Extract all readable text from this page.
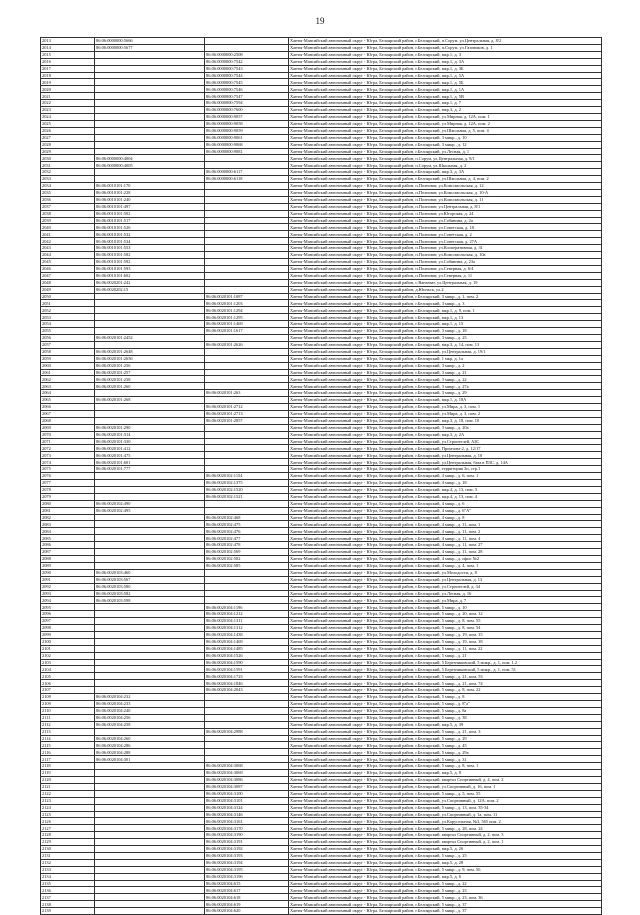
19
2013	86:06:0000000:5666		Ханты-Мансийский автономный округ - Югра, Белоярский район, г.Белоярский, п.Сорум, ул.Центральная, д. 8/2
2014	86:06:0000000:5677		Ханты-Мансийский автономный округ - Югра, Белоярский район, г.Белоярский, п.Сорум, ул.Газовиков, д. 1
2015		86:06:0000000:2508	Ханты-Мансийский автономный округ - Югра, Белоярский район, г.Белоярский, мкр.1, д. 3
2016		86:06:0000000:7542	Ханты-Мансийский автономный округ - Югра, Белоярский район, г.Белоярский, мкр.1, д. 3А
2017		86:06:0000000:7543	Ханты-Мансийский автономный округ - Югра, Белоярский район, г.Белоярский, мкр.1, д. 3Б
2018		86:06:0000000:7544	Ханты-Мансийский автономный округ - Югра, Белоярский район, г.Белоярский, мкр.1, д. 5А
2019		86:06:0000000:7545	Ханты-Мансийский автономный округ - Югра, Белоярский район, г.Белоярский, мкр.1, д. 5Б
2020		86:06:0000000:7546	Ханты-Мансийский автономный округ - Югра, Белоярский район, г.Белоярский, мкр.1, д. 1А
2021		86:06:0000000:7547	Ханты-Мансийский автономный округ - Югра, Белоярский район, г.Белоярский, мкр.1, д. 5В
2022		86:06:0000000:7594	Ханты-Мансийский автономный округ - Югра, Белоярский район, г.Белоярский, мкр.1, д. 7
2023		86:06:0000000:7600	Ханты-Мансийский автономный округ - Югра, Белоярский район, г.Белоярский, мкр.3, д. 2
2024		86:06:0000000:9057	Ханты-Мансийский автономный округ - Югра, Белоярский район, г.Белоярский, ул.Мирная, д. 12А, пом. 1
2025		86:06:0000000:9058	Ханты-Мансийский автономный округ - Югра, Белоярский район, г.Белоярский, ул.Мирная, д. 12А, пом. 2
2026		86:06:0000000:9059	Ханты-Мансийский автономный округ - Югра, Белоярский район, г.Белоярский, ул.Школьная, д. 5, пом. 4
2027		86:06:0000000:9061	Ханты-Мансийский автономный округ - Югра, Белоярский район, г.Белоярский, 3 микр., д. 10
2028		86:06:0000000:9068	Ханты-Мансийский автономный округ - Югра, Белоярский район, г.Белоярский, 3 микр., д. 12
2029		86:06:0000000:9081	Ханты-Мансийский автономный округ - Югра, Белоярский район, г.Белоярский, ул.Лесная, д. 1
2030	86:06:0000000:4004		Ханты-Мансийский автономный округ - Югра, Белоярский район, п.Сорум, ул.Центральная, д. 8/1
2031	86:06:0000000:4005		Ханты-Мансийский автономный округ - Югра, Белоярский район, п.Сорум, ул.Школьная, д. 2
2032		86:06:0000000:6117	Ханты-Мансийский автономный округ - Югра, Белоярский район, г.Белоярский, мкр.3, д. 3А
2033		86:06:0000000:6118	Ханты-Мансийский автономный округ - Югра, Белоярский район, г.Белоярский, ул.Школьная, д. 4, пом. 2
2034	86:06:0010101:170		Ханты-Мансийский автономный округ - Югра, Белоярский район, п.Полноват, ул.Комсомольская, д. 12
2035	86:06:0010101:228		Ханты-Мансийский автономный округ - Югра, Белоярский район, п.Полноват, ул.Комсомольская, д. 10-А
2036	86:06:0010101:240		Ханты-Мансийский автономный округ - Югра, Белоярский район, п.Полноват, ул.Комсомольская, д. 11
2037	86:06:0010101:497		Ханты-Мансийский автономный округ - Югра, Белоярский район, п.Полноват, ул.Центральная, д. 8/1
2038	86:06:0010101:502		Ханты-Мансийский автономный округ - Югра, Белоярский район, п.Полноват, ул.Югорская, д. 24
2039	86:06:0010101:517		Ханты-Мансийский автономный округ - Югра, Белоярский район, п.Полноват, ул.Собянина, д. 2а
2040	86:06:0010101:526		Ханты-Мансийский автономный округ - Югра, Белоярский район, п.Полноват, ул.Советская, д. 18
2041	86:06:0010101:532		Ханты-Мансийский автономный округ - Югра, Белоярский район, п.Полноват, ул.Советская, д. 2
2042	86:06:0010101:534		Ханты-Мансийский автономный округ - Югра, Белоярский район, п.Полноват, ул.Советская, д. 27А
2043	86:06:0010101:553		Ханты-Мансийский автономный округ - Югра, Белоярский район, п.Полноват, ул.Кооперативная, д. 31
2044	86:06:0010101:582		Ханты-Мансийский автономный округ - Югра, Белоярский район, п.Полноват, ул.Комсомольская, д. 10а
2045	86:06:0010101:592		Ханты-Мансийский автономный округ - Югра, Белоярский район, п.Полноват, ул.Собянина, д. 23а
2046	86:06:0010101:593		Ханты-Мансийский автономный округ - Югра, Белоярский район, п.Полноват, ул.Северная, д. 6/4
2047	86:06:0010101:602		Ханты-Мансийский автономный округ - Югра, Белоярский район, п.Полноват, ул.Северная, д. 11
2048	86:06:0020201:242		Ханты-Мансийский автономный округ - Югра, Белоярский район, с.Ванзеват, ул.Центральная, д. 19
2049	86:06:0020202:15		Ханты-Мансийский автономный округ - Югра, Белоярский район, д.Юильск, ул.2
2050		86:06:0020101:1087	Ханты-Мансийский автономный округ - Югра, Белоярский район, г.Белоярский, 3 микр., д. 1, пом. 2
2051		86:06:0020101:1203	Ханты-Мансийский автономный округ - Югра, Белоярский район, г.Белоярский, 3 микр., д. 3
2052		86:06:0020101:1294	Ханты-Мансийский автономный округ - Югра, Белоярский район, г.Белоярский, мкр.1, д. 9, пом. 1
2053		86:06:0020101:1295	Ханты-Мансийский автономный округ - Югра, Белоярский район, г.Белоярский, мкр.1, д. 13
2054		86:06:0020101:1469	Ханты-Мансийский автономный округ - Югра, Белоярский район, г.Белоярский, мкр.1, д. 15
2055		86:06:0020101:1617	Ханты-Мансийский автономный округ - Югра, Белоярский район, г.Белоярский, 3 микр., д. 18
2056	86:06:0020101:2452		Ханты-Мансийский автономный округ - Югра, Белоярский район, г.Белоярский, 3 микр., д. 25
2057		86:06:0020101:2626	Ханты-Мансийский автономный округ - Югра, Белоярский район, г.Белоярский, мкр.3, д. 14, пом. 13
2058	86:06:0020101:2648		Ханты-Мансийский автономный округ - Югра, Белоярский район, г.Белоярский, ул.Центральная, д. 19/1
2059	86:06:0020101:2656		Ханты-Мансийский автономный округ - Югра, Белоярский район, г.Белоярский, 1 мкр, д. 1а
2060	86:06:0020101:256		Ханты-Мансийский автономный округ - Югра, Белоярский район, г.Белоярский, 3 микр., д. 2
2061	86:06:0020101:257		Ханты-Мансийский автономный округ - Югра, Белоярский район, г.Белоярский, 3 микр., д. 21
2062	86:06:0020101:258		Ханты-Мансийский автономный округ - Югра, Белоярский район, г.Белоярский, 3 микр., д. 22
2063	86:06:0020101:260		Ханты-Мансийский автономный округ - Югра, Белоярский район, г.Белоярский, 3 микр., д. 27а
2064		86:06:0020101:263	Ханты-Мансийский автономный округ - Югра, Белоярский район, г.Белоярский, 3 микр., д. 29
2065	86:06:0020101:268		Ханты-Мансийский автономный округ - Югра, Белоярский район, г.Белоярский, мкр.1, д. 18А
2066		86:06:0020101:2712	Ханты-Мансийский автономный округ - Югра, Белоярский район, г.Белоярский, ул.Мира, д. 3, пом. 1
2067		86:06:0020101:2713	Ханты-Мансийский автономный округ - Югра, Белоярский район, г.Белоярский, ул.Мира, д. 3, пом. 2
2068		86:06:0020101:2857	Ханты-Мансийский автономный округ - Югра, Белоярский район, г.Белоярский, мкр.3, д. 18, пом. 10
2069	86:06:0020101:290		Ханты-Мансийский автономный округ - Югра, Белоярский район, г.Белоярский, 3 микр., д. 20а
2070	86:06:0020101:314		Ханты-Мансийский автономный округ - Югра, Белоярский район, г.Белоярский, мкр.3, д. 2А
2071	86:06:0020101:330		Ханты-Мансийский автономный округ - Югра, Белоярский район, г.Белоярский, ул.Строителей, АЗС
2072	86:06:0020101:412		Ханты-Мансийский автономный округ - Югра, Белоярский район, г.Белоярский, Промзона-2, д. 12/17
2073	86:06:0020101:475		Ханты-Мансийский автономный округ - Югра, Белоярский район, г.Белоярский, ул.Центральная, д. 10
2074	86:06:0020101:601		Ханты-Мансийский автономный округ - Югра, Белоярский район, г.Белоярский, ул.Центральная, база в ПЗС, д. 14А
2075	86:06:0020101:777		Ханты-Мансийский автономный округ - Югра, Белоярский район, г.Белоярский, территория 3п, стр.1
2076		86:06:0020102:1154	Ханты-Мансийский автономный округ - Югра, Белоярский район, г.Белоярский, 4 микр., д. 6, пом. 1
2077		86:06:0020102:1375	Ханты-Мансийский автономный округ - Югра, Белоярский район, г.Белоярский, 4 микр., д. 18
2078		86:06:0020102:1520	Ханты-Мансийский автономный округ - Югра, Белоярский район, г.Белоярский, мкр.4, д. 13, пом. 3
2079		86:06:0020102:1521	Ханты-Мансийский автономный округ - Югра, Белоярский район, г.Белоярский, мкр.4, д. 13, пом. 4
2080	86:06:0020102:490		Ханты-Мансийский автономный округ - Югра, Белоярский район, г.Белоярский, 4 микр., д. 6
2081	86:06:0020102:495		Ханты-Мансийский автономный округ - Югра, Белоярский район, г.Белоярский, 4 микр., д. 6"А"
2082		86:06:0020102:468	Ханты-Мансийский автономный округ - Югра, Белоярский район, г.Белоярский, 4 микр., д. 8
2083		86:06:0020102:475	Ханты-Мансийский автономный округ - Югра, Белоярский район, г.Белоярский, 4 микр., д. 11, пом. 1
2084		86:06:0020102:476	Ханты-Мансийский автономный округ - Югра, Белоярский район, г.Белоярский, 4 микр., д. 11, пом. 2
2085		86:06:0020102:477	Ханты-Мансийский автономный округ - Югра, Белоярский район, г.Белоярский, 4 микр., д. 11, пом. 4
2086		86:06:0020102:478	Ханты-Мансийский автономный округ - Югра, Белоярский район, г.Белоярский, 4 микр., д. 11, пом. 27
2087		86:06:0020102:569	Ханты-Мансийский автономный округ - Югра, Белоярский район, г.Белоярский, 4 микр., д. 11, пом. 28
2088		86:06:0020102:582	Ханты-Мансийский автономный округ - Югра, Белоярский район, г.Белоярский, 4 микр., д. офис №2
2089		86:06:0020102:585	Ханты-Мансийский автономный округ - Югра, Белоярский район, г.Белоярский, 4 микр., д. 4, пом. 1
2090	86:06:0020103:460		Ханты-Мансийский автономный округ - Югра, Белоярский район, г.Белоярский, ул.Молодости, д. 8
2091	86:06:0020103:567		Ханты-Мансийский автономный округ - Югра, Белоярский район, г.Белоярский, ул.Центральная, д. 13
2092	86:06:0020103:580		Ханты-Мансийский автономный округ - Югра, Белоярский район, г.Белоярский, ул.Строителей, д. 34
2093	86:06:0020103:582		Ханты-Мансийский автономный округ - Югра, Белоярский район, г.Белоярский, ул.Лесная, д. 16
2094	86:06:0020103:598		Ханты-Мансийский автономный округ - Югра, Белоярский район, г.Белоярский, ул.Мира, д. 7
2095		86:06:0020104:1196	Ханты-Мансийский автономный округ - Югра, Белоярский район, г.Белоярский, 5 микр., д. 10
2096		86:06:0020104:1212	Ханты-Мансийский автономный округ - Югра, Белоярский район, г.Белоярский, 5 микр., д. 20, пом. 12
2097		86:06:0020104:1311	Ханты-Мансийский автономный округ - Югра, Белоярский район, г.Белоярский, 5 микр., д. 8, пом. 55
2098		86:06:0020104:1312	Ханты-Мансийский автономный округ - Югра, Белоярский район, г.Белоярский, 5 микр., д. 8, пом. 54
2099		86:06:0020104:1438	Ханты-Мансийский автономный округ - Югра, Белоярский район, г.Белоярский, 5 микр., д. 19, пом. 15
2100		86:06:0020104:1469	Ханты-Мансийский автономный округ - Югра, Белоярский район, г.Белоярский, 5 микр., д. 19, пом. 18
2101		86:06:0020104:1485	Ханты-Мансийский автономный округ - Югра, Белоярский район, г.Белоярский, 5 микр., д. 11, пом. 22
2102		86:06:0020104:1526	Ханты-Мансийский автономный округ - Югра, Белоярский район, г.Белоярский, 5 микр., д. 21
2103		86:06:0020104:1590	Ханты-Мансийский автономный округ - Югра, Белоярский район, г.Белоярский, 5 Березниковский, 5 микр., д. 1, пом. 1.2
2104		86:06:0020104:1591	Ханты-Мансийский автономный округ - Югра, Белоярский район, г.Белоярский, 5 Березниковский, 5 микр., д. 1, пом. 51
2105		86:06:0020104:1723	Ханты-Мансийский автономный округ - Югра, Белоярский район, г.Белоярский, 5 микр., д. 21, пом. 53
2106		86:06:0020104:1846	Ханты-Мансийский автономный округ - Югра, Белоярский район, г.Белоярский, 5 микр., д. 21, пом. 74
2107		86:06:0020104:2043	Ханты-Мансийский автономный округ - Югра, Белоярский район, г.Белоярский, 5 микр., д. 8, пом. 22
2108	86:06:0020104:232		Ханты-Мансийский автономный округ - Югра, Белоярский район, г.Белоярский, 5 микр., д. 8
2109	86:06:0020104:233		Ханты-Мансийский автономный округ - Югра, Белоярский район, г.Белоярский, 5 микр., д. 8"а"
2110	86:06:0020104:240		Ханты-Мансийский автономный округ - Югра, Белоярский район, г.Белоярский, 5 микр., д. 8а
2111	86:06:0020104:256		Ханты-Мансийский автономный округ - Югра, Белоярский район, г.Белоярский, 5 микр., д. 38
2112	86:06:0020104:258		Ханты-Мансийский автономный округ - Югра, Белоярский район, г.Белоярский, мкр.5, д. 39
2113		86:06:0020104:2988	Ханты-Мансийский автономный округ - Югра, Белоярский район, г.Белоярский, 5 микр., д. 21, пом. 3
2114	86:06:0020104:260		Ханты-Мансийский автономный округ - Югра, Белоярский район, г.Белоярский, 5 микр., д. 29
2115	86:06:0020104:286		Ханты-Мансийский автономный округ - Югра, Белоярский район, г.Белоярский, 5 микр., д. 45
2116	86:06:0020104:288		Ханты-Мансийский автономный округ - Югра, Белоярский район, г.Белоярский, 5 микр., д. 29а
2117	86:06:0020104:301		Ханты-Мансийский автономный округ - Югра, Белоярский район, г.Белоярский, 5 микр., д. 31
2118		86:06:0020104:3068	Ханты-Мансийский автономный округ - Югра, Белоярский район, г.Белоярский, 5 микр., д. 8, пом. 1
2119		86:06:0020104:3069	Ханты-Мансийский автономный округ - Югра, Белоярский район, г.Белоярский, мкр.5, д. 8
2120		86:06:0020104:3086	Ханты-Мансийский автономный округ - Югра, Белоярский район, г.Белоярский, квартал Спортивный, д. 4, пом. 2
2121		86:06:0020104:3087	Ханты-Мансийский автономный округ - Югра, Белоярский район, г.Белоярский, ул.Спортивный, д. 16, пом. 1
2122		86:06:0020104:3100	Ханты-Мансийский автономный округ - Югра, Белоярский район, г.Белоярский, 5 микр., д. 5, пом. 55
2123		86:06:0020104:3101	Ханты-Мансийский автономный округ - Югра, Белоярский район, г.Белоярский, ул.Спортивный, д. 12А, пом. 2
2124		86:06:0020104:3124	Ханты-Мансийский автономный округ - Югра, Белоярский район, г.Белоярский, 5 микр., д. 13, пом. 35-34
2125		86:06:0020104:3146	Ханты-Мансийский автономный округ - Югра, Белоярский район, г.Белоярский, ул.Спортивный, д. 1а, пом. 11
2126		86:06:0020104:3161	Ханты-Мансийский автономный округ - Югра, Белоярский район, г.Белоярский, ул.Карусельная, №3, 565 пом. 2
2127		86:06:0020104:3170	Ханты-Мансийский автономный округ - Югра, Белоярский район, г.Белоярский, 5 микр., д. 28, пом. 24
2128		86:06:0020104:3190	Ханты-Мансийский автономный округ - Югра, Белоярский район, г.Белоярский, квартал Спортивный, д. 2, пом. 3
2129		86:06:0020104:3191	Ханты-Мансийский автономный округ - Югра, Белоярский район, г.Белоярский, квартал Спортивный, д. 2, пом. 1
2130		86:06:0020104:3192	Ханты-Мансийский автономный округ - Югра, Белоярский район, г.Белоярский, мкр.5, д. 26
2131		86:06:0020104:3193	Ханты-Мансийский автономный округ - Югра, Белоярский район, г.Белоярский, 5 микр., д. 25
2132		86:06:0020104:3194	Ханты-Мансийский автономный округ - Югра, Белоярский район, г.Белоярский, мкр.5, д. 28
2133		86:06:0020104:3195	Ханты-Мансийский автономный округ - Югра, Белоярский район, г.Белоярский, 5 микр., д. 9, пом. 56
2134		86:06:0020104:3196	Ханты-Мансийский автономный округ - Югра, Белоярский район, г.Белоярский, мкр.5, д. 6
2135		86:06:0020104:615	Ханты-Мансийский автономный округ - Югра, Белоярский район, г.Белоярский, 5 микр., д. 22
2136		86:06:0020104:617	Ханты-Мансийский автономный округ - Югра, Белоярский район, г.Белоярский, 5 микр., д. 23
2137		86:06:0020104:618	Ханты-Мансийский автономный округ - Югра, Белоярский район, г.Белоярский, 5 микр., д. 23, пом. 36
2138		86:06:0020104:619	Ханты-Мансийский автономный округ - Югра, Белоярский район, г.Белоярский, 5 микр., д. 37
2139		86:06:0020104:620	Ханты-Мансийский автономный округ - Югра, Белоярский район, г.Белоярский, 5 микр., д. 37
